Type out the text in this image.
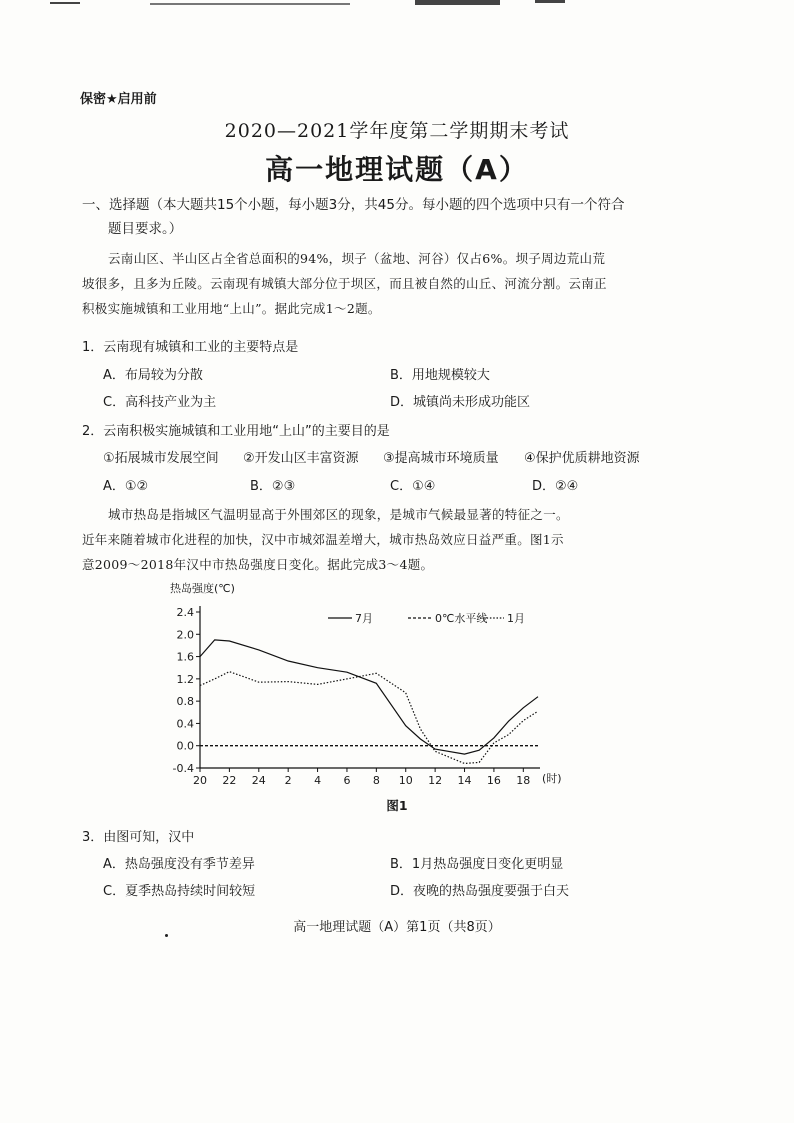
保密★启用前
2020—2021学年度第二学期期末考试
高一地理试题（A）
一、选择题（本大题共15个小题，每小题3分，共45分。每小题的四个选项中只有一个符合
题目要求。）
云南山区、半山区占全省总面积的94%，坝子（盆地、河谷）仅占6%。坝子周边荒山荒
坡很多，且多为丘陵。云南现有城镇大部分位于坝区，而且被自然的山丘、河流分割。云南正
积极实施城镇和工业用地“上山”。据此完成1～2题。
1．云南现有城镇和工业的主要特点是
A．布局较为分散	B．用地规模较大
C．高科技产业为主	D．城镇尚未形成功能区
2．云南积极实施城镇和工业用地“上山”的主要目的是
①拓展城市发展空间 ②开发山区丰富资源 ③提高城市环境质量 ④保护优质耕地资源
A．①②	B．②③	C．①④	D．②④
城市热岛是指城区气温明显高于外围郊区的现象，是城市气候最显著的特征之一。
近年来随着城市化进程的加快，汉中市城郊温差增大，城市热岛效应日益严重。图1示
意2009～2018年汉中市热岛强度日变化。据此完成3～4题。
2.4
2.0
1.6
1.2
0.8
0.4
0.0
-0.4
20 22 24 2 4 6 8 10 12 14 16 18
7月	0℃水平线 1月
热岛强度(℃)
(时)
图1
3．由图可知，汉中
A．热岛强度没有季节差异	B．1月热岛强度日变化更明显
C．夏季热岛持续时间较短	D．夜晚的热岛强度要强于白天
高一地理试题（A）第1页（共8页）
